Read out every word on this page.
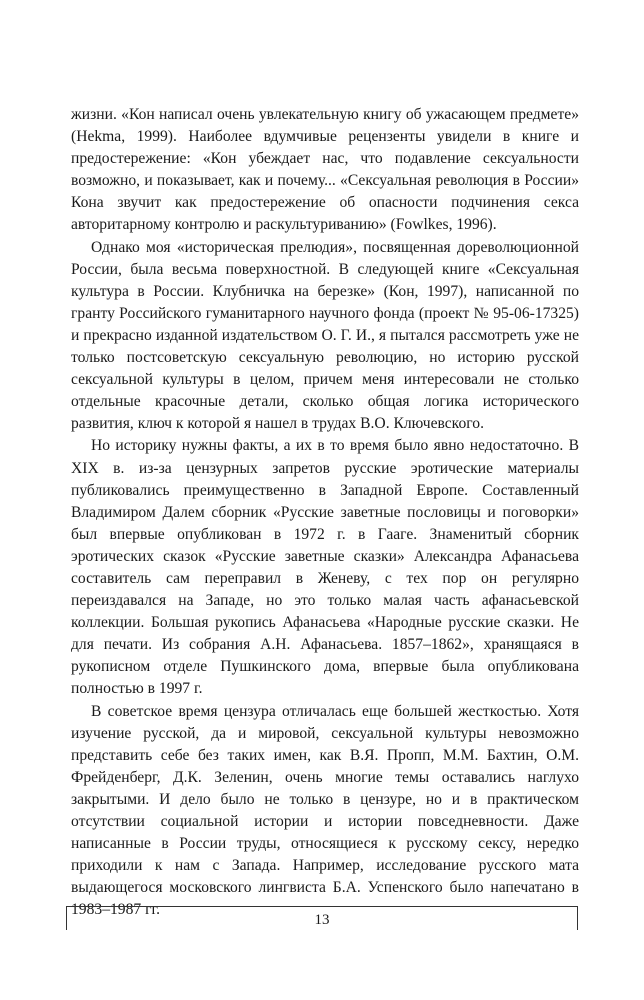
жизни. «Кон написал очень увлекательную книгу об ужасающем предмете» (Hekma, 1999). Наиболее вдумчивые рецензенты увидели в книге и предостережение: «Кон убеждает нас, что подавление сексуальности возможно, и показывает, как и почему... «Сексуальная революция в России» Кона звучит как предостережение об опасности подчинения секса авторитарному контролю и раскультуриванию» (Fowlkes, 1996).

Однако моя «историческая прелюдия», посвященная дореволюционной России, была весьма поверхностной. В следующей книге «Сексуальная культура в России. Клубничка на березке» (Кон, 1997), написанной по гранту Российского гуманитарного научного фонда (проект № 95-06-17325) и прекрасно изданной издательством О. Г. И., я пытался рассмотреть уже не только постсоветскую сексуальную революцию, но историю русской сексуальной культуры в целом, причем меня интересовали не столько отдельные красочные детали, сколько общая логика исторического развития, ключ к которой я нашел в трудах В.О. Ключевского.

Но историку нужны факты, а их в то время было явно недостаточно. В XIX в. из-за цензурных запретов русские эротические материалы публиковались преимущественно в Западной Европе. Составленный Владимиром Далем сборник «Русские заветные пословицы и поговорки» был впервые опубликован в 1972 г. в Гааге. Знаменитый сборник эротических сказок «Русские заветные сказки» Александра Афанасьева составитель сам переправил в Женеву, с тех пор он регулярно переиздавался на Западе, но это только малая часть афанасьевской коллекции. Большая рукопись Афанасьева «Народные русские сказки. Не для печати. Из собрания А.Н. Афанасьева. 1857–1862», хранящаяся в рукописном отделе Пушкинского дома, впервые была опубликована полностью в 1997 г.

В советское время цензура отличалась еще большей жесткостью. Хотя изучение русской, да и мировой, сексуальной культуры невозможно представить себе без таких имен, как В.Я. Пропп, М.М. Бахтин, О.М. Фрейденберг, Д.К. Зеленин, очень многие темы оставались наглухо закрытыми. И дело было не только в цензуре, но и в практическом отсутствии социальной истории и истории повседневности. Даже написанные в России труды, относящиеся к русскому сексу, нередко приходили к нам с Запада. Например, исследование русского мата выдающегося московского лингвиста Б.А. Успенского было напечатано в 1983–1987 гг.

13
